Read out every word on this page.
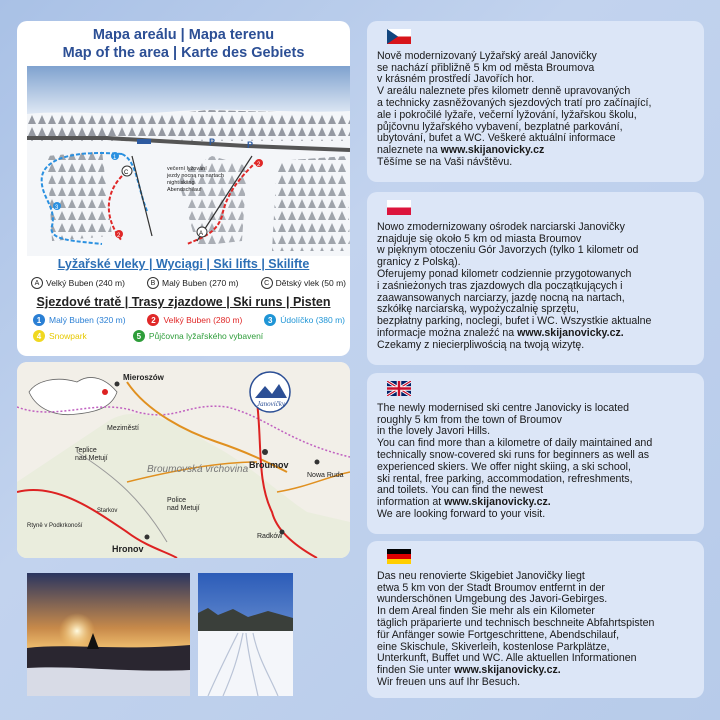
Mapa areálu | Mapa terenu
Map of the area | Karte des Gebiets
P	P
1
3
2
2	A
C
večerní lyžování jezdy nocną na nartach night skiing Abendschilauf
Lyžařské vleky | Wyciągi | Ski lifts | Skilifte
A Velký Buben (240 m)	B Malý Buben (270 m)	C Dětský vlek (50 m)
Sjezdové tratě | Trasy zjazdowe | Ski runs | Pisten
1 Malý Buben (320 m)	2 Velký Buben (280 m)	3 Údolíčko (380 m)
4 Snowpark	5 Půjčovna lyžařského vybavení
Janovičky
Mieroszów
Meziměstí
Teplice
nad Metují
Broumov
Nowa Ruda
Police
nad Metují
Rtyně v Podkrkonoší
Starkov
Hronov
Radków
Broumovská vrchovina

Nově modernizovaný Lyžařský areál Janovičky
se nachází přibližně 5 km od města Broumova
v krásném prostředí Javořích hor.
V areálu naleznete přes kilometr denně upravovaných
a technicky zasněžovaných sjezdových tratí pro začínající,
ale i pokročilé lyžaře, večerní lyžování, lyžařskou školu,
půjčovnu lyžařského vybavení, bezplatné parkování,
ubytování, bufet a WC. Veškeré aktuální informace
naleznete na www.skijanovicky.cz
Těšíme se na Vaši návštěvu.

Nowo zmodernizowany ośrodek narciarski Janovičky
znajduje się około 5 km od miasta Broumov
w pięknym otoczeniu Gór Javorzych (tylko 1 kilometr od
granicy z Polską).
Oferujemy ponad kilometr codziennie przygotowanych
i zaśnieżonych tras zjazdowych dla początkujących i
zaawansowanych narciarzy, jazdę nocną na nartach,
szkółkę narciarską, wypożyczalnię sprzętu,
bezpłatny parking, noclegi, bufet i WC. Wszystkie aktualne
informacje można znaleźć na www.skijanovicky.cz.
Czekamy z niecierpliwością na twoją wizytę.

The newly modernised ski centre Janovicky is located
roughly 5 km from the town of Broumov
in the lovely Javori Hills.
You can find more than a kilometre of daily maintained and
technically snow-covered ski runs for beginners as well as
experienced skiers. We offer night skiing, a ski school,
ski rental, free parking, accommodation, refreshments,
and toilets. You can find the newest
information at www.skijanovicky.cz.
We are looking forward to your visit.

Das neu renovierte Skigebiet Janovičky liegt
etwa 5 km von der Stadt Broumov entfernt in der
wunderschönen Umgebung des Javori-Gebirges.
In dem Areal finden Sie mehr als ein Kilometer
täglich präparierte und technisch beschneite Abfahrtspisten
für Anfänger sowie Fortgeschrittene, Abendschilauf,
eine Skischule, Skiverleih, kostenlose Parkplätze,
Unterkunft, Buffet und WC. Alle aktuellen Informationen
finden Sie unter www.skijanovicky.cz.
Wir freuen uns auf Ihr Besuch.
